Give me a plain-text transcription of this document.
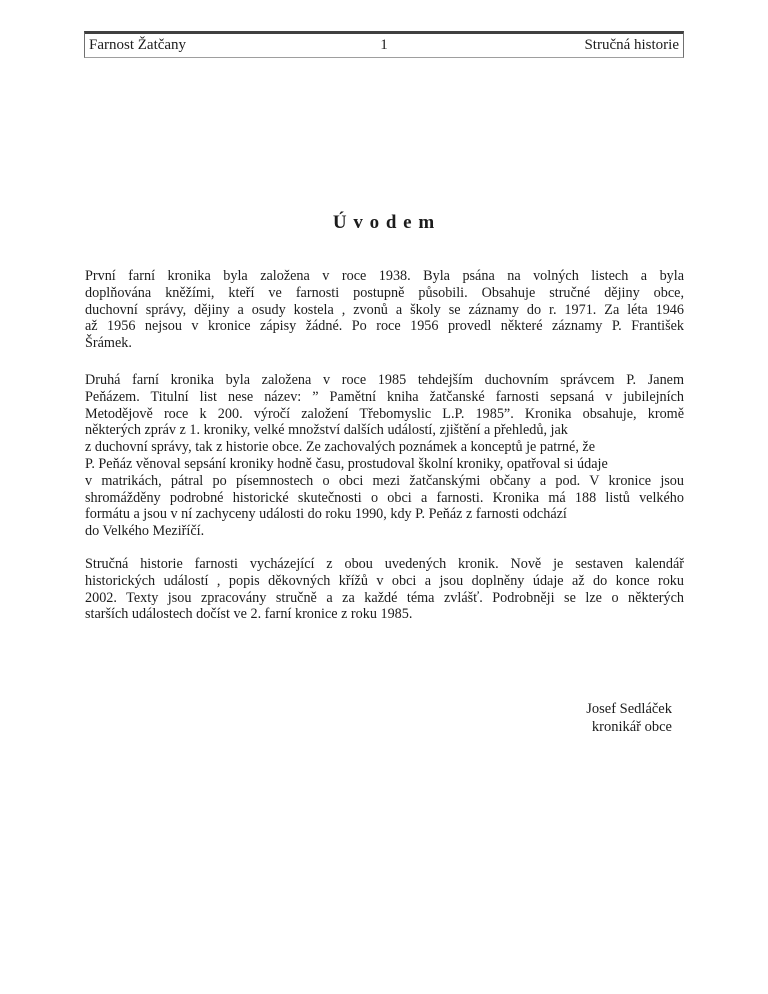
Farnost Žatčany	1	Stručná historie
Ú v o d e m
První farní kronika byla založena v roce 1938. Byla psána na volných listech a byla
doplňována kněžími, kteří ve farnosti postupně působili. Obsahuje stručné dějiny obce,
duchovní správy, dějiny a osudy kostela , zvonů a školy se záznamy do r. 1971. Za léta 1946
až 1956 nejsou v kronice zápisy žádné. Po roce 1956 provedl některé záznamy P. František
Šrámek.
Druhá farní kronika byla založena v roce 1985 tehdejším duchovním správcem P. Janem
Peňázem. Titulní list nese název: ” Pamětní kniha žatčanské farnosti sepsaná v jubilejních
Metodějově roce k 200. výročí založení Třebomyslic L.P. 1985”. Kronika obsahuje, kromě
některých zpráv z 1. kroniky, velké množství dalších událostí, zjištění a přehledů, jak
z duchovní správy, tak z historie obce. Ze zachovalých poznámek a konceptů je patrné, že
P. Peňáz věnoval sepsání kroniky hodně času, prostudoval školní kroniky, opatřoval si údaje
v matrikách, pátral po písemnostech o obci mezi žatčanskými občany a pod. V kronice jsou
shromážděny podrobné historické skutečnosti o obci a farnosti. Kronika má 188 listů velkého
formátu a jsou v ní zachyceny události do roku 1990, kdy P. Peňáz z farnosti odchází
do Velkého Meziříčí.
Stručná historie farnosti vycházející z obou uvedených kronik. Nově je sestaven kalendář
historických událostí , popis děkovných křížů v obci a jsou doplněny údaje až do konce roku
2002. Texty jsou zpracovány stručně a za každé téma zvlášť. Podrobněji se lze o některých
starších událostech dočíst ve 2. farní kronice z roku 1985.
Josef Sedláček
kronikář obce
